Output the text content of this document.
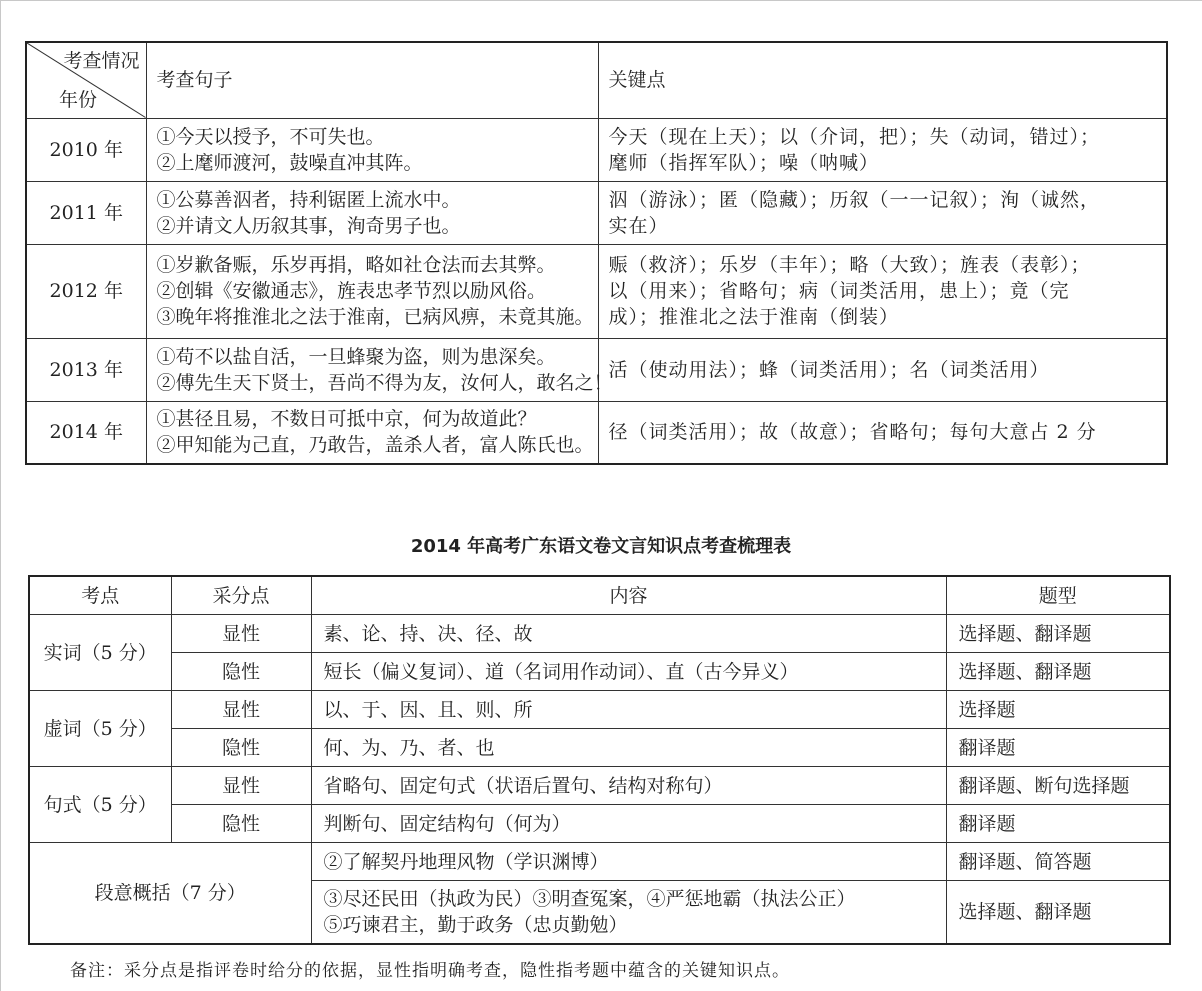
考查情况
年份	考查句子	关键点
2010 年	①今天以授予，不可失也。
②上麾师渡河，鼓噪直冲其阵。	今天（现在上天）；以（介词，把）；失（动词，错过）；
麾师（指挥军队）；噪（呐喊）

2011 年	①公募善泅者，持利锯匿上流水中。
②并请文人历叙其事，洵奇男子也。	泅（游泳）；匿（隐藏）；历叙（一一记叙）；洵（诚然，
实在）

2012 年	①岁歉备赈，乐岁再捐，略如社仓法而去其弊。
②创辑《安徽通志》，旌表忠孝节烈以励风俗。
③晚年将推淮北之法于淮南，已病风痹，未竟其施。	赈（救济）；乐岁（丰年）；略（大致）；旌表（表彰）；
以（用来）；省略句；病（词类活用，患上）；竟（完
成）；推淮北之法于淮南（倒装）

2013 年	①苟不以盐自活，一旦蜂聚为盗，则为患深矣。
②傅先生天下贤士，吾尚不得为友，汝何人，敢名之！	活（使动用法）；蜂（词类活用）；名（词类活用）

2014 年	①甚径且易，不数日可抵中京，何为故道此？
②甲知能为己直，乃敢告，盖杀人者，富人陈氏也。	径（词类活用）；故（故意）；省略句；每句大意占 2 分
2014 年高考广东语文卷文言知识点考查梳理表
考点	采分点	内容	题型
实词（5 分）	显性	素、论、持、决、径、故	选择题、翻译题
	隐性	短长（偏义复词）、道（名词用作动词）、直（古今异义）	选择题、翻译题
虚词（5 分）	显性	以、于、因、且、则、所	选择题
	隐性	何、为、乃、者、也	翻译题
句式（5 分）	显性	省略句、固定句式（状语后置句、结构对称句）	翻译题、断句选择题
	隐性	判断句、固定结构句（何为）	翻译题
段意概括（7 分）		②了解契丹地理风物（学识渊博）	翻译题、简答题

		③尽还民田（执政为民）③明查冤案，④严惩地霸（执法公正）
⑤巧谏君主，勤于政务（忠贞勤勉）	选择题、翻译题
备注：采分点是指评卷时给分的依据，显性指明确考查，隐性指考题中蕴含的关键知识点。
